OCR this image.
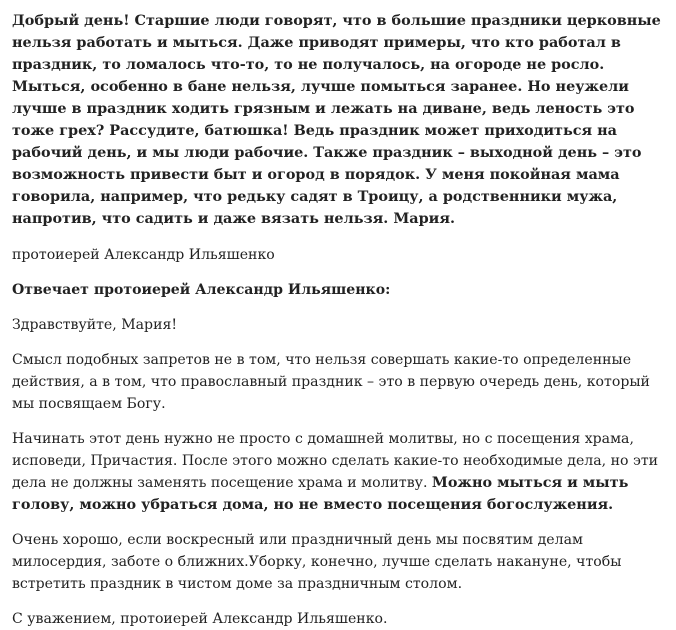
Добрый день! Старшие люди говорят, что в большие праздники церковные нельзя работать и мыться. Даже приводят примеры, что кто работал в праздник, то ломалось что-то, то не получалось, на огороде не росло. Мыться, особенно в бане нельзя, лучше помыться заранее. Но неужели лучше в праздник ходить грязным и лежать на диване, ведь леность это тоже грех? Рассудите, батюшка! Ведь праздник может приходиться на рабочий день, и мы люди рабочие. Также праздник – выходной день – это возможность привести быт и огород в порядок. У меня покойная мама говорила, например, что редьку садят в Троицу, а родственники мужа, напротив, что садить и даже вязать нельзя. Мария.

протоиерей Александр Ильяшенко

Отвечает протоиерей Александр Ильяшенко:

Здравствуйте, Мария!

Смысл подобных запретов не в том, что нельзя совершать какие-то определенные действия, а в том, что православный праздник – это в первую очередь день, который мы посвящаем Богу.

Начинать этот день нужно не просто с домашней молитвы, но с посещения храма, исповеди, Причастия. После этого можно сделать какие-то необходимые дела, но эти дела не должны заменять посещение храма и молитву. Можно мыться и мыть голову, можно убраться дома, но не вместо посещения богослужения.

Очень хорошо, если воскресный или праздничный день мы посвятим делам милосердия, заботе о ближних.Уборку, конечно, лучше сделать накануне, чтобы встретить праздник в чистом доме за праздничным столом.

С уважением, протоиерей Александр Ильяшенко.
